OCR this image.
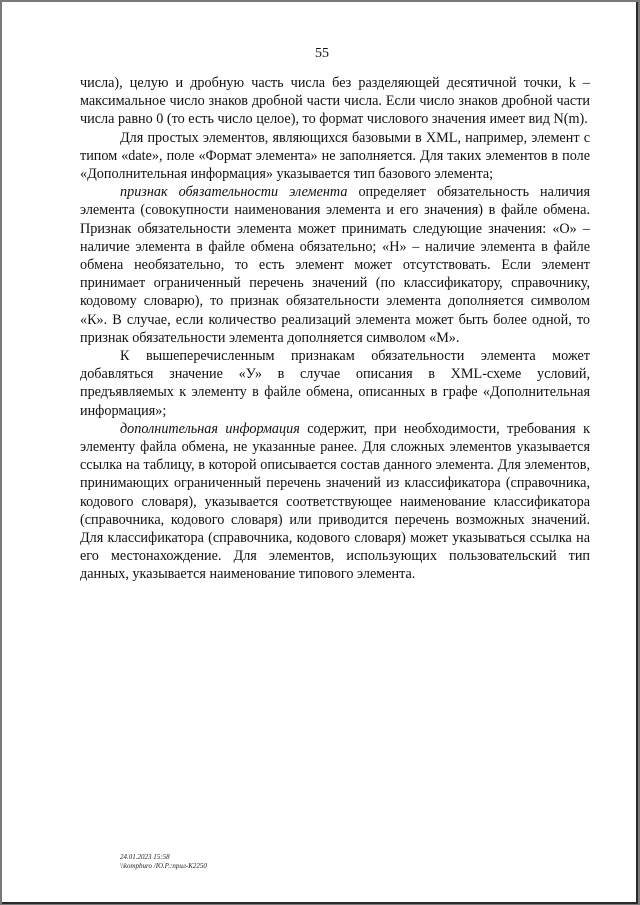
55

числа), целую и дробную часть числа без разделяющей десятичной точки, k – максимальное число знаков дробной части числа. Если число знаков дробной части числа равно 0 (то есть число целое), то формат числового значения имеет вид N(m).

Для простых элементов, являющихся базовыми в XML, например, элемент с типом «date», поле «Формат элемента» не заполняется. Для таких элементов в поле «Дополнительная информация» указывается тип базового элемента;

признак обязательности элемента определяет обязательность наличия элемента (совокупности наименования элемента и его значения) в файле обмена. Признак обязательности элемента может принимать следующие значения: «О» – наличие элемента в файле обмена обязательно; «Н» – наличие элемента в файле обмена необязательно, то есть элемент может отсутствовать. Если элемент принимает ограниченный перечень значений (по классификатору, справочнику, кодовому словарю), то признак обязательности элемента дополняется символом «К». В случае, если количество реализаций элемента может быть более одной, то признак обязательности элемента дополняется символом «М».

К вышеперечисленным признакам обязательности элемента может добавляться значение «У» в случае описания в XML-схеме условий, предъявляемых к элементу в файле обмена, описанных в графе «Дополнительная информация»;

дополнительная информация содержит, при необходимости, требования к элементу файла обмена, не указанные ранее. Для сложных элементов указывается ссылка на таблицу, в которой описывается состав данного элемента. Для элементов, принимающих ограниченный перечень значений из классификатора (справочника, кодового словаря), указывается соответствующее наименование классификатора (справочника, кодового словаря) или приводится перечень возможных значений. Для классификатора (справочника, кодового словаря) может указываться ссылка на его местонахождение. Для элементов, использующих пользовательский тип данных, указывается наименование типового элемента.

24.01.2023 15:58
\\kompburo /Ю.Р.:прил-К2250
